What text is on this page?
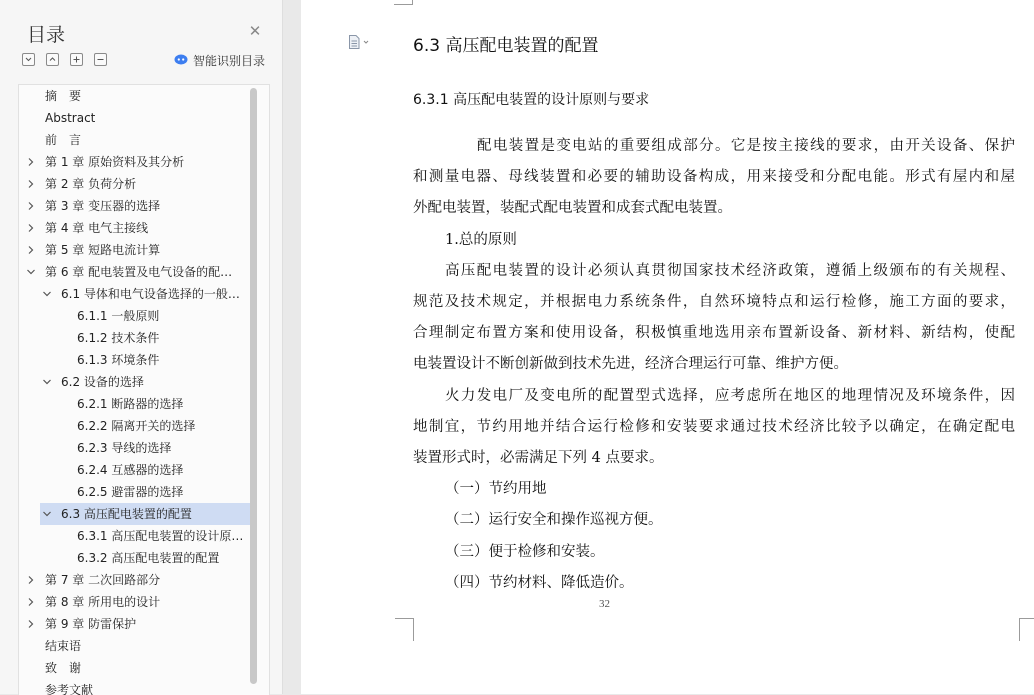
目录	✕
智能识别目录
摘　要
Abstract
前　言
第 1 章 原始资料及其分析
第 2 章 负荷分析
第 3 章 变压器的选择
第 4 章 电气主接线
第 5 章 短路电流计算
第 6 章 配电装置及电气设备的配…
6.1 导体和电气设备选择的一般…
6.1.1 一般原则
6.1.2 技术条件
6.1.3 环境条件
6.2 设备的选择
6.2.1 断路器的选择
6.2.2 隔离开关的选择
6.2.3 导线的选择
6.2.4 互感器的选择
6.2.5 避雷器的选择
6.3 高压配电装置的配置
6.3.1 高压配电装置的设计原…
6.3.2 高压配电装置的配置
第 7 章 二次回路部分
第 8 章 所用电的设计
第 9 章 防雷保护
结束语
致　谢
参考文献
6.3 高压配电装置的配置
6.3.1 高压配电装置的设计原则与要求
配电装置是变电站的重要组成部分。它是按主接线的要求，由开关设备、保护
和测量电器、母线装置和必要的辅助设备构成，用来接受和分配电能。形式有屋内和屋
外配电装置，装配式配电装置和成套式配电装置。
1.总的原则
高压配电装置的设计必须认真贯彻国家技术经济政策，遵循上级颁布的有关规程、
规范及技术规定，并根据电力系统条件，自然环境特点和运行检修，施工方面的要求，
合理制定布置方案和使用设备，积极慎重地选用亲布置新设备、新材料、新结构，使配
电装置设计不断创新做到技术先进，经济合理运行可靠、维护方便。
火力发电厂及变电所的配置型式选择，应考虑所在地区的地理情况及环境条件，因
地制宜，节约用地并结合运行检修和安装要求通过技术经济比较予以确定，在确定配电
装置形式时，必需满足下列 4 点要求。
（一）节约用地
（二）运行安全和操作巡视方便。
（三）便于检修和安装。
（四）节约材料、降低造价。
32
